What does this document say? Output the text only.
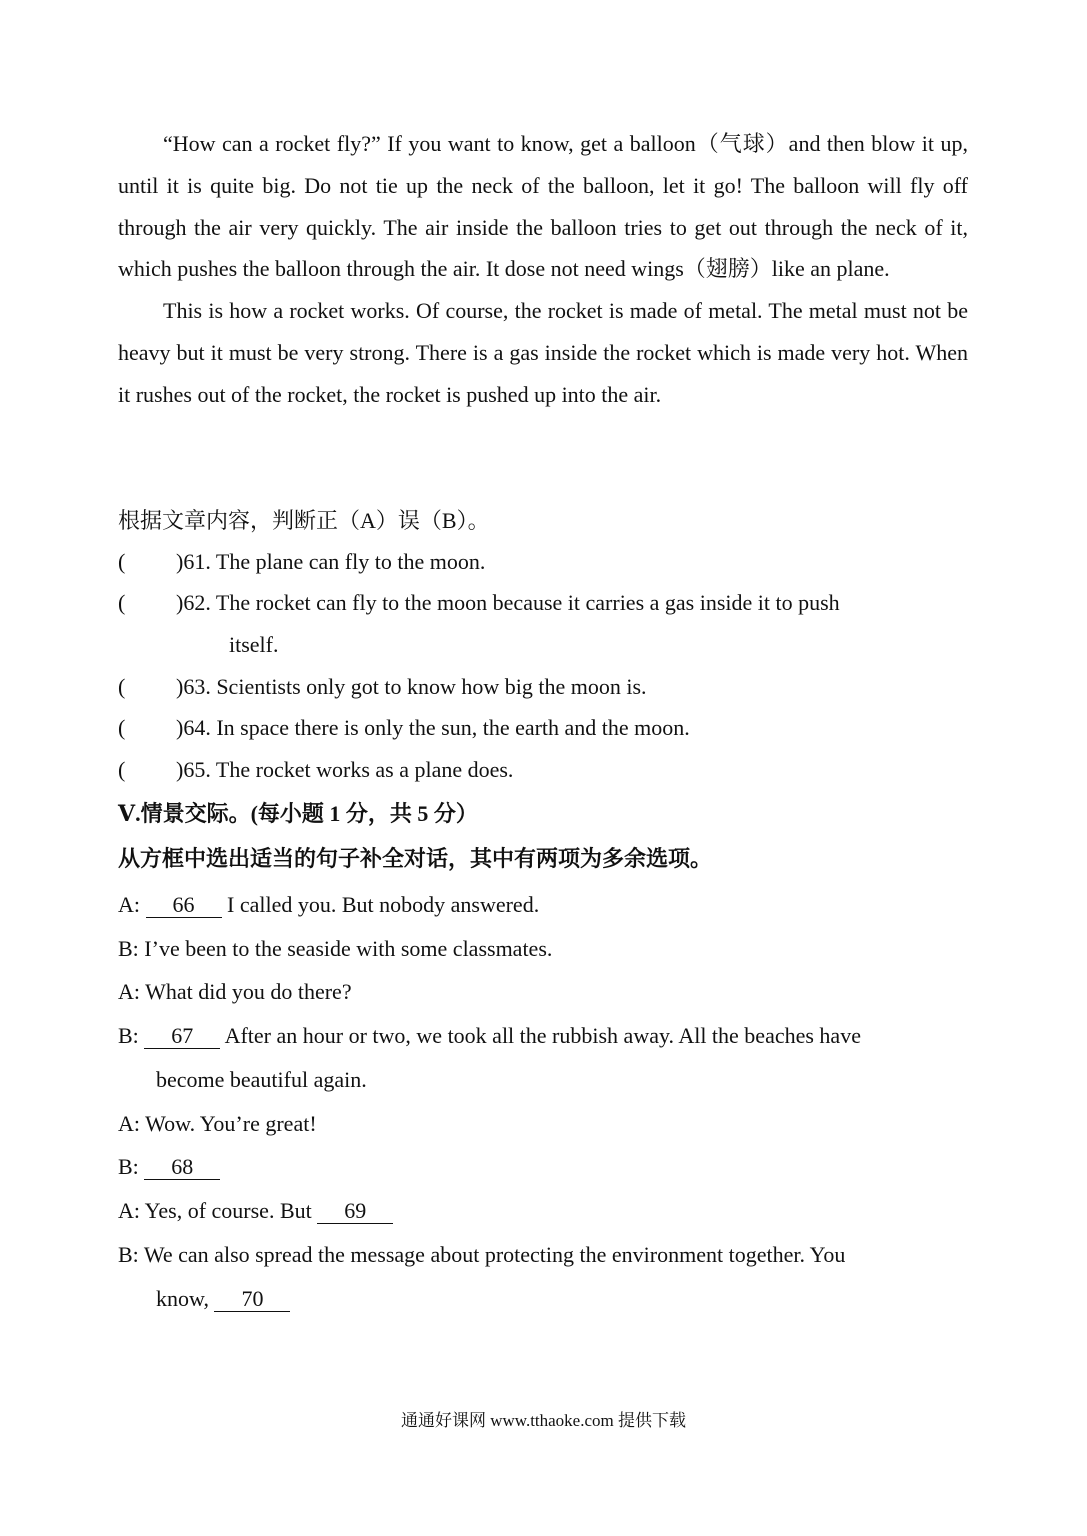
“How can a rocket fly?” If you want to know, get a balloon（气球）and then blow it up, until it is quite big. Do not tie up the neck of the balloon, let it go! The balloon will fly off through the air very quickly. The air inside the balloon tries to get out through the neck of it, which pushes the balloon through the air. It dose not need wings（翅膀）like an plane.

This is how a rocket works. Of course, the rocket is made of metal. The metal must not be heavy but it must be very strong. There is a gas inside the rocket which is made very hot. When it rushes out of the rocket, the rocket is pushed up into the air.

根据文章内容，判断正（A）误（B）。
( )61. The plane can fly to the moon.
( )62. The rocket can fly to the moon because it carries a gas inside it to push
itself.
( )63. Scientists only got to know how big the moon is.
( )64. In space there is only the sun, the earth and the moon.
( )65. The rocket works as a plane does.
Ⅴ.情景交际。(每小题 1 分，共 5 分）
从方框中选出适当的句子补全对话，其中有两项为多余选项。
A: 66 I called you. But nobody answered.
B: I’ve been to the seaside with some classmates.
A: What did you do there?
B: 67 After an hour or two, we took all the rubbish away. All the beaches have
become beautiful again.
A: Wow. You’re great!
B: 68
A: Yes, of course. But 69
B: We can also spread the message about protecting the environment together. You
know, 70
通通好课网 www.tthaoke.com 提供下载
